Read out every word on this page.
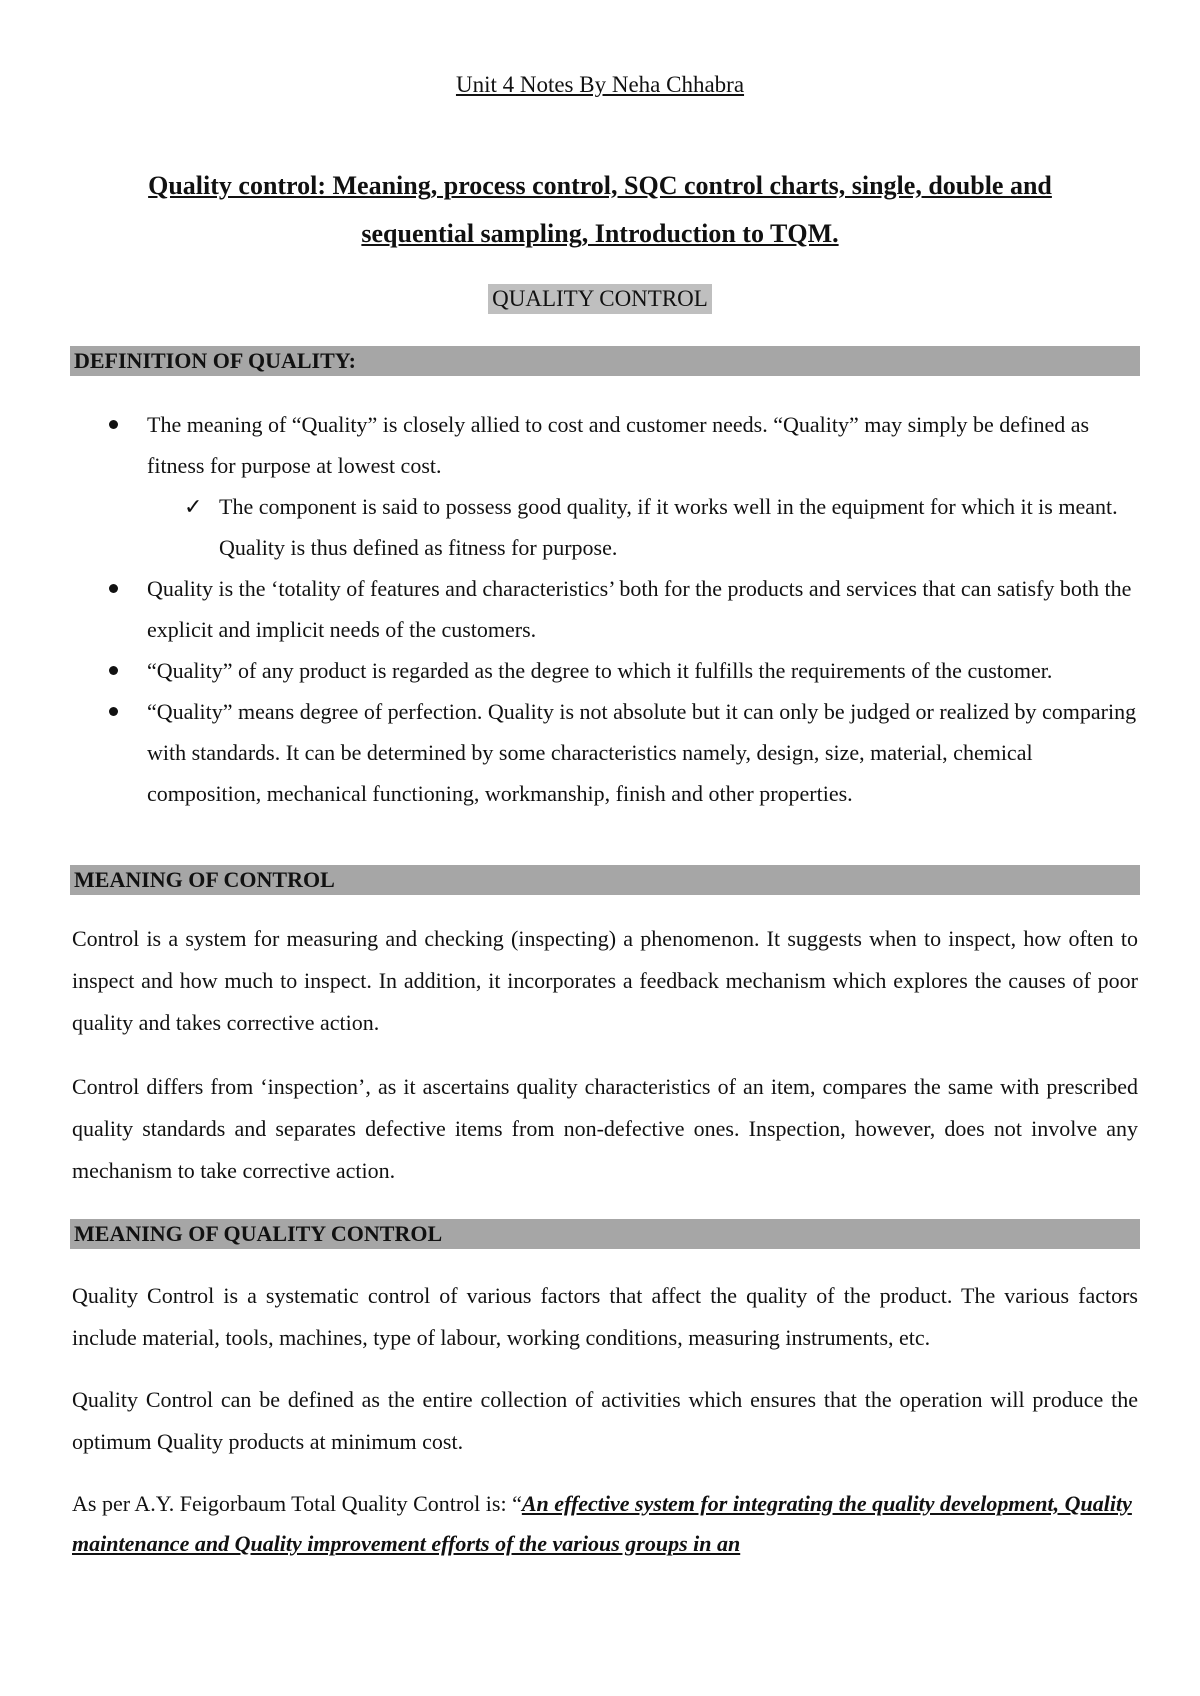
Unit 4 Notes By Neha Chhabra
Quality control: Meaning, process control, SQC control charts, single, double and sequential sampling, Introduction to TQM.
QUALITY CONTROL
DEFINITION OF QUALITY:
The meaning of “Quality” is closely allied to cost and customer needs. “Quality” may simply be defined as fitness for purpose at lowest cost.
✓ The component is said to possess good quality, if it works well in the equipment for which it is meant. Quality is thus defined as fitness for purpose.
Quality is the ‘totality of features and characteristics’ both for the products and services that can satisfy both the explicit and implicit needs of the customers.
“Quality” of any product is regarded as the degree to which it fulfills the requirements of the customer.
“Quality” means degree of perfection. Quality is not absolute but it can only be judged or realized by comparing with standards. It can be determined by some characteristics namely, design, size, material, chemical composition, mechanical functioning, workmanship, finish and other properties.
MEANING OF CONTROL

Control is a system for measuring and checking (inspecting) a phenomenon. It suggests when to inspect, how often to inspect and how much to inspect. In addition, it incorporates a feedback mechanism which explores the causes of poor quality and takes corrective action.

Control differs from ‘inspection’, as it ascertains quality characteristics of an item, compares the same with prescribed quality standards and separates defective items from non-defective ones. Inspection, however, does not involve any mechanism to take corrective action.

MEANING OF QUALITY CONTROL

Quality Control is a systematic control of various factors that affect the quality of the product. The various factors include material, tools, machines, type of labour, working conditions, measuring instruments, etc.

Quality Control can be defined as the entire collection of activities which ensures that the operation will produce the optimum Quality products at minimum cost.

As per A.Y. Feigorbaum Total Quality Control is: “An effective system for integrating the quality development, Quality maintenance and Quality improvement efforts of the various groups in an
